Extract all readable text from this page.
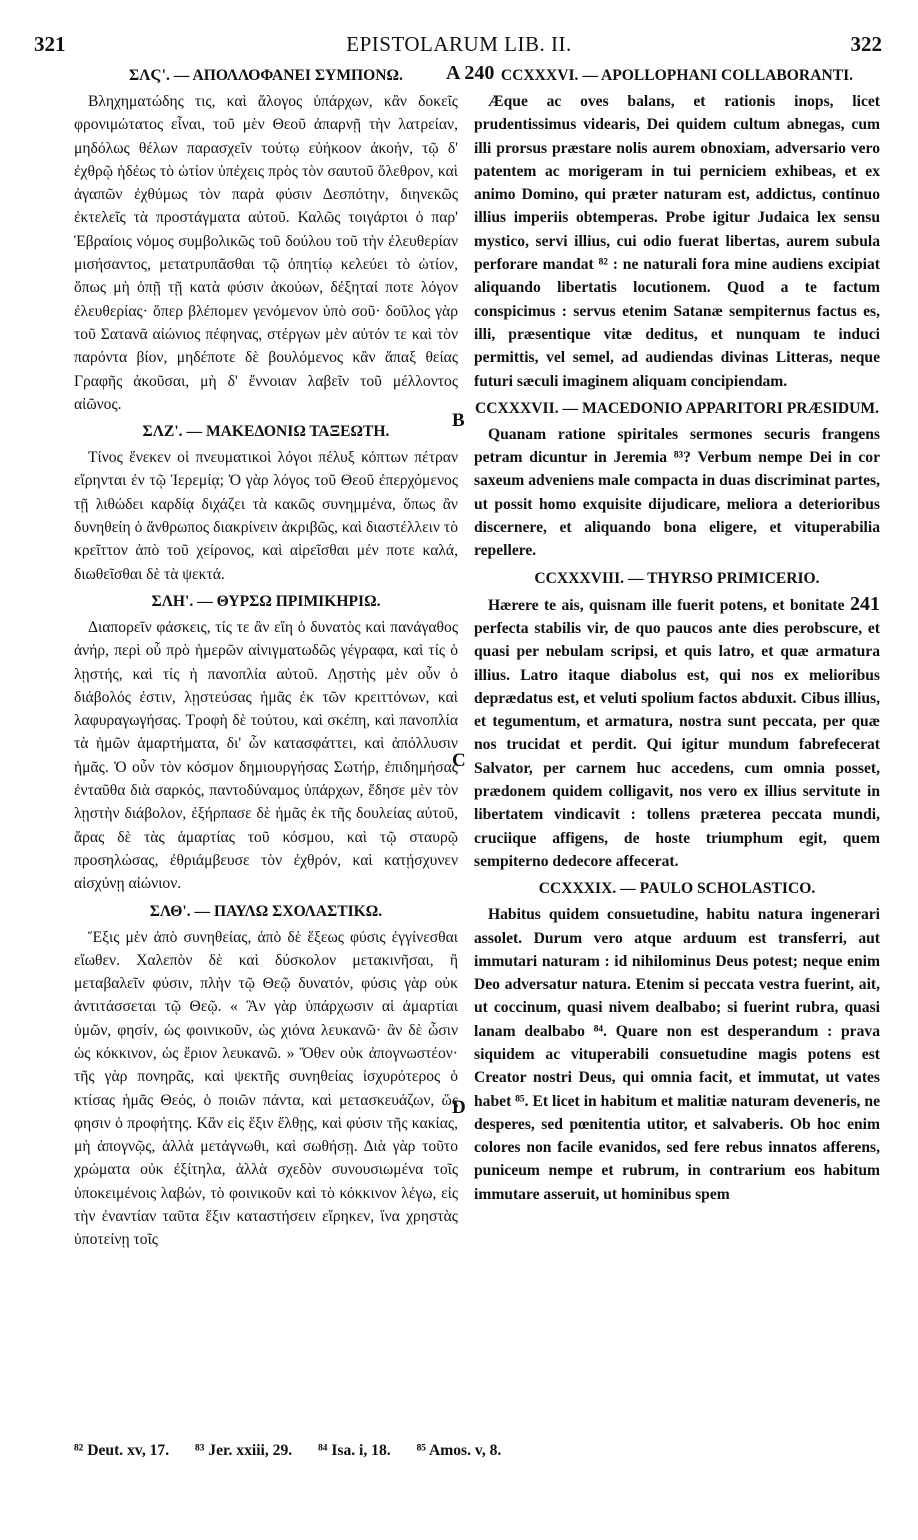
321	EPISTOLARUM LIB. II.	322
A 240
B
C
D
ΣΛϚ'. — ΑΠΟΛΛΟΦΑΝΕΙ ΣΥΜΠΟΝΩ.

Βληχηματώδης τις, καὶ ἄλογος ὑπάρχων, κἂν δοκεῖς φρονιμώτατος εἶναι, τοῦ μὲν Θεοῦ ἀπαρνῇ τὴν λατρείαν, μηδόλως θέλων παρασχεῖν τούτῳ εὐήκοον ἀκοήν, τῷ δ' ἐχθρῷ ἡδέως τὸ ὠτίον ὑπέχεις πρὸς τὸν σαυτοῦ ὄλεθρον, καὶ ἀγαπῶν ἐχθύμως τὸν παρὰ φύσιν Δεσπότην, διηνεκῶς ἐκτελεῖς τὰ προστάγματα αὐτοῦ. Καλῶς τοιγάρτοι ὁ παρ' Ἑβραίοις νόμος συμβολικῶς τοῦ δούλου τοῦ τὴν ἐλευθερίαν μισήσαντος, μετατρυπᾶσθαι τῷ ὀπητίῳ κελεύει τὸ ὠτίον, ὅπως μὴ ὀπῇ τῇ κατὰ φύσιν ἀκούων, δέξηταί ποτε λόγον ἐλευθερίας· ὅπερ βλέπομεν γενόμενον ὑπὸ σοῦ· δοῦλος γὰρ τοῦ Σατανᾶ αἰώνιος πέφηνας, στέργων μὲν αὐτόν τε καὶ τὸν παρόντα βίον, μηδέποτε δὲ βουλόμενος κἂν ἅπαξ θείας Γραφῆς ἀκοῦσαι, μὴ δ' ἔννοιαν λαβεῖν τοῦ μέλλοντος αἰῶνος.

ΣΛΖ'. — ΜΑΚΕΔΟΝΙΩ ΤΑΞΕΩΤΗ.

Τίνος ἕνεκεν οἱ πνευματικοὶ λόγοι πέλυξ κόπτων πέτραν εἴρηνται ἐν τῷ Ἱερεμίᾳ; Ὁ γὰρ λόγος τοῦ Θεοῦ ἐπερχόμενος τῇ λιθώδει καρδίᾳ διχάζει τὰ κακῶς συνημμένα, ὅπως ἂν δυνηθείη ὁ ἄνθρωπος διακρίνειν ἀκριβῶς, καὶ διαστέλλειν τὸ κρεῖττον ἀπὸ τοῦ χείρονος, καὶ αἱρεῖσθαι μέν ποτε καλά, διωθεῖσθαι δὲ τὰ ψεκτά.

ΣΛΗ'. — ΘΥΡΣΩ ΠΡΙΜΙΚΗΡΙΩ.

Διαπορεῖν φάσκεις, τίς τε ἂν εἴη ὁ δυνατὸς καὶ πανάγαθος ἀνήρ, περὶ οὗ πρὸ ἡμερῶν αἰνιγματωδῶς γέγραφα, καὶ τίς ὁ λῃστής, καὶ τίς ἡ πανοπλία αὐτοῦ. Λῃστὴς μὲν οὖν ὁ διάβολός ἐστιν, λῃστεύσας ἡμᾶς ἐκ τῶν κρειττόνων, καὶ λαφυραγωγήσας. Τροφὴ δὲ τούτου, καὶ σκέπη, καὶ πανοπλία τὰ ἡμῶν ἁμαρτήματα, δι' ὧν κατασφάττει, καὶ ἀπόλλυσιν ἡμᾶς. Ὁ οὖν τὸν κόσμον δημιουργήσας Σωτήρ, ἐπιδημήσας ἐνταῦθα διὰ σαρκός, παντοδύναμος ὑπάρχων, ἔδησε μὲν τὸν λῃστὴν διάβολον, ἐξήρπασε δὲ ἡμᾶς ἐκ τῆς δουλείας αὐτοῦ, ἄρας δὲ τὰς ἁμαρτίας τοῦ κόσμου, καὶ τῷ σταυρῷ προσηλώσας, ἐθριάμβευσε τὸν ἐχθρόν, καὶ κατῄσχυνεν αἰσχύνῃ αἰώνιον.

ΣΛΘ'. — ΠΑΥΛΩ ΣΧΟΛΑΣΤΙΚΩ.

Ἕξις μὲν ἀπὸ συνηθείας, ἀπὸ δὲ ἕξεως φύσις ἐγγίνεσθαι εἴωθεν. Χαλεπὸν δὲ καὶ δύσκολον μετακινῆσαι, ἢ μεταβαλεῖν φύσιν, πλὴν τῷ Θεῷ δυνατόν, φύσις γὰρ οὐκ ἀντιτάσσεται τῷ Θεῷ. « Ἂν γὰρ ὑπάρχωσιν αἱ ἁμαρτίαι ὑμῶν, φησίν, ὡς φοινικοῦν, ὡς χιόνα λευκανῶ· ἂν δὲ ὦσιν ὡς κόκκινον, ὡς ἔριον λευκανῶ. » Ὅθεν οὐκ ἀπογνωστέον· τῆς γὰρ πονηρᾶς, καὶ ψεκτῆς συνηθείας ἰσχυρότερος ὁ κτίσας ἡμᾶς Θεός, ὁ ποιῶν πάντα, καὶ μετασκευάζων, ὥς φησιν ὁ προφήτης. Κἂν εἰς ἕξιν ἔλθῃς, καὶ φύσιν τῆς κακίας, μὴ ἀπογνῷς, ἀλλὰ μετάγνωθι, καὶ σωθήσῃ. Διὰ γὰρ τοῦτο χρώματα οὐκ ἐξίτηλα, ἀλλὰ σχεδὸν συνουσιωμένα τοῖς ὑποκειμένοις λαβών, τὸ φοινικοῦν καὶ τὸ κόκκινον λέγω, εἰς τὴν ἐναντίαν ταῦτα ἕξιν καταστήσειν εἴρηκεν, ἵνα χρηστὰς ὑποτείνῃ τοῖς

CCXXXVI. — APOLLOPHANI COLLABORANTI.

Æque ac oves balans, et rationis inops, licet prudentissimus videaris, Dei quidem cultum abnegas, cum illi prorsus præstare nolis aurem obnoxiam, adversario vero patentem ac morigeram in tui perniciem exhibeas, et ex animo Domino, qui præter naturam est, addictus, continuo illius imperiis obtemperas. Probe igitur Judaica lex sensu mystico, servi illius, cui odio fuerat libertas, aurem subula perforare mandat ⁸² : ne naturali fora mine audiens excipiat aliquando libertatis locutionem. Quod a te factum conspicimus : servus etenim Satanæ sempiternus factus es, illi, præsentique vitæ deditus, et nunquam te induci permittis, vel semel, ad audiendas divinas Litteras, neque futuri sæculi imaginem aliquam concipiendam.

CCXXXVII. — MACEDONIO APPARITORI PRÆSIDUM.

Quanam ratione spiritales sermones securis frangens petram dicuntur in Jeremia ⁸³? Verbum nempe Dei in cor saxeum adveniens male compacta in duas discriminat partes, ut possit homo exquisite dijudicare, meliora a deterioribus discernere, et aliquando bona eligere, et vituperabilia repellere.

CCXXXVIII. — THYRSO PRIMICERIO.

Hærere te ais, quisnam ille fuerit potens, et bonitate 241 perfecta stabilis vir, de quo paucos ante dies perobscure, et quasi per nebulam scripsi, et quis latro, et quæ armatura illius. Latro itaque diabolus est, qui nos ex melioribus deprædatus est, et veluti spolium factos abduxit. Cibus illius, et tegumentum, et armatura, nostra sunt peccata, per quæ nos trucidat et perdit. Qui igitur mundum fabrefecerat Salvator, per carnem huc accedens, cum omnia posset, prædonem quidem colligavit, nos vero ex illius servitute in libertatem vindicavit : tollens præterea peccata mundi, cruciique affigens, de hoste triumphum egit, quem sempiterno dedecore affecerat.

CCXXXIX. — PAULO SCHOLASTICO.

Habitus quidem consuetudine, habitu natura ingenerari assolet. Durum vero atque arduum est transferri, aut immutari naturam : id nihilominus Deus potest; neque enim Deo adversatur natura. Etenim si peccata vestra fuerint, ait, ut coccinum, quasi nivem dealbabo; si fuerint rubra, quasi lanam dealbabo ⁸⁴. Quare non est desperandum : prava siquidem ac vituperabili consuetudine magis potens est Creator nostri Deus, qui omnia facit, et immutat, ut vates habet ⁸⁵. Et licet in habitum et malitiæ naturam deveneris, ne desperes, sed pœnitentia utitor, et salvaberis. Ob hoc enim colores non facile evanidos, sed fere rebus innatos afferens, puniceum nempe et rubrum, in contrarium eos habitum immutare asseruit, ut hominibus spem

⁸² Deut. xv, 17. ⁸³ Jer. xxiii, 29. ⁸⁴ Isa. i, 18. ⁸⁵ Amos. v, 8.
